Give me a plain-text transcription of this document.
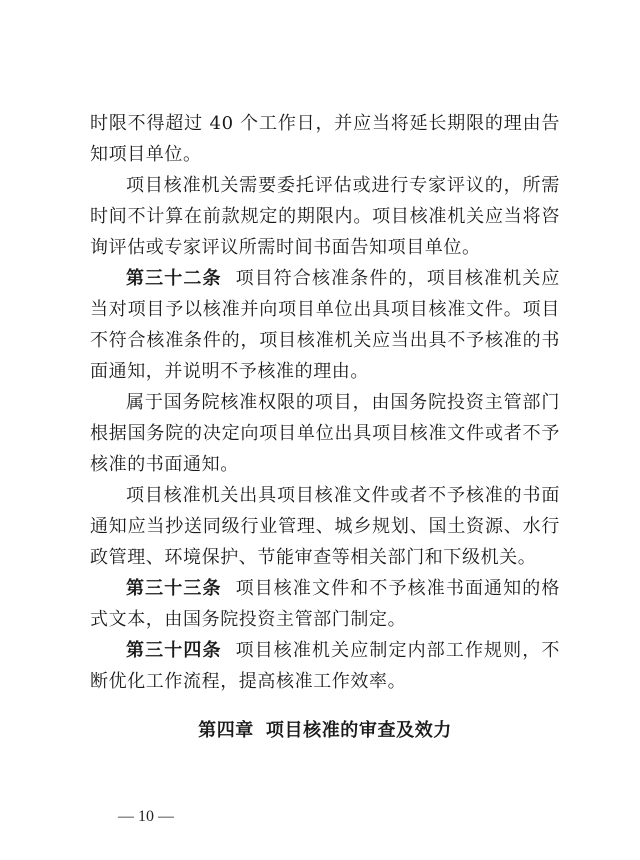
时限不得超过 40 个工作日，并应当将延长期限的理由告知项目单位。

项目核准机关需要委托评估或进行专家评议的，所需时间不计算在前款规定的期限内。项目核准机关应当将咨询评估或专家评议所需时间书面告知项目单位。

第三十二条 项目符合核准条件的，项目核准机关应当对项目予以核准并向项目单位出具项目核准文件。项目不符合核准条件的，项目核准机关应当出具不予核准的书面通知，并说明不予核准的理由。

属于国务院核准权限的项目，由国务院投资主管部门根据国务院的决定向项目单位出具项目核准文件或者不予核准的书面通知。

项目核准机关出具项目核准文件或者不予核准的书面通知应当抄送同级行业管理、城乡规划、国土资源、水行政管理、环境保护、节能审查等相关部门和下级机关。

第三十三条 项目核准文件和不予核准书面通知的格式文本，由国务院投资主管部门制定。

第三十四条 项目核准机关应制定内部工作规则，不断优化工作流程，提高核准工作效率。

第四章 项目核准的审查及效力
— 10 —
